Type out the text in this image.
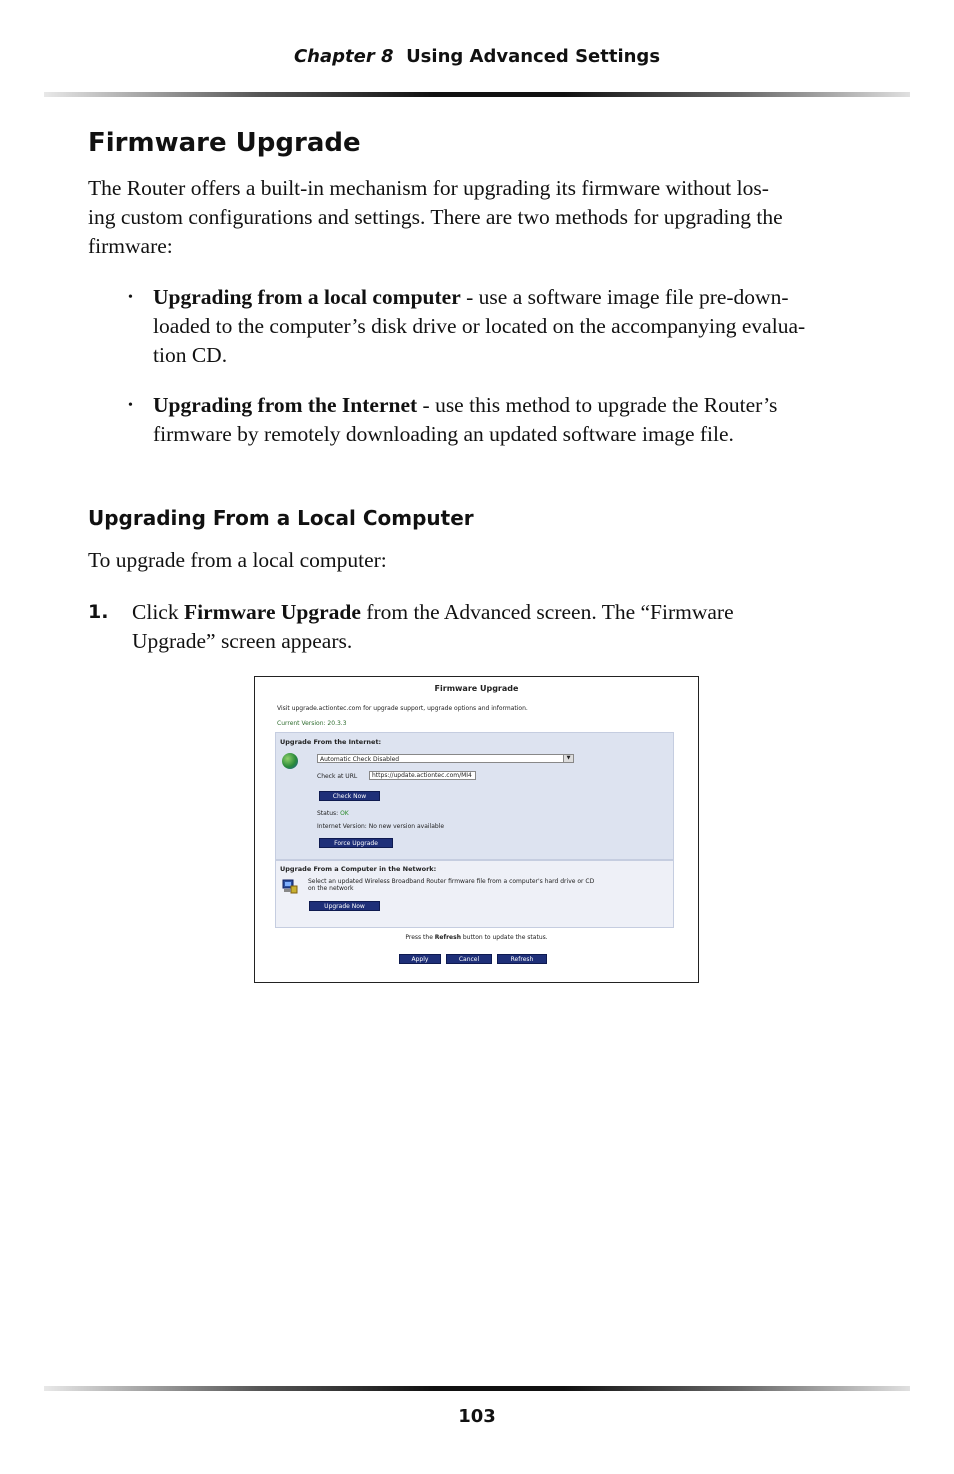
Chapter 8 Using Advanced Settings
Firmware Upgrade
The Router offers a built-in mechanism for upgrading its firmware without los-
ing custom configurations and settings. There are two methods for upgrading the
firmware:
• Upgrading from a local computer - use a software image file pre-down-
loaded to the computer’s disk drive or located on the accompanying evalua-
tion CD.
• Upgrading from the Internet - use this method to upgrade the Router’s
firmware by remotely downloading an updated software image file.
Upgrading From a Local Computer

To upgrade from a local computer:

1. Click Firmware Upgrade from the Advanced screen. The “Firmware
Upgrade” screen appears.
Firmware Upgrade
Visit upgrade.actiontec.com for upgrade support, upgrade options and information.
Current Version: 20.3.3
Upgrade From the Internet:
Automatic Check Disabled	▼
Check at URL	https://update.actiontec.com/MI4
Check Now
Status: OK
Internet Version: No new version available
Force Upgrade
Upgrade From a Computer in the Network:
Select an updated Wireless Broadband Router firmware file from a computer's hard drive or CD
on the network
Upgrade Now
Press the Refresh button to update the status.
Apply	Cancel	Refresh
103
